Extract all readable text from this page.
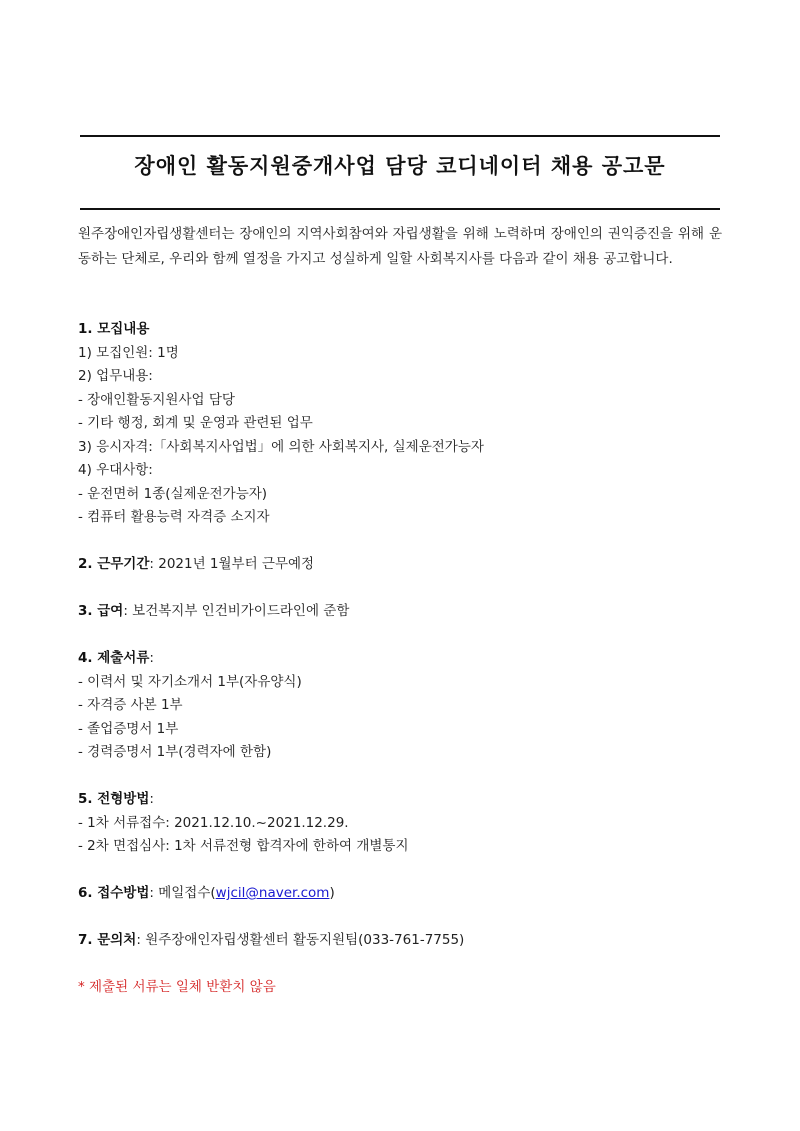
장애인 활동지원중개사업 담당 코디네이터 채용 공고문
원주장애인자립생활센터는 장애인의 지역사회참여와 자립생활을 위해 노력하며 장애인의 권익증진을 위해 운동하는 단체로, 우리와 함께 열정을 가지고 성실하게 일할 사회복지사를 다음과 같이 채용 공고합니다.
1. 모집내용
1) 모집인원: 1명
2) 업무내용:
- 장애인활동지원사업 담당
- 기타 행정, 회계 및 운영과 관련된 업무
3) 응시자격:「사회복지사업법」에 의한 사회복지사, 실제운전가능자
4) 우대사항:
- 운전면허 1종(실제운전가능자)
- 컴퓨터 활용능력 자격증 소지자
2. 근무기간: 2021년 1월부터 근무예정
3. 급여: 보건복지부 인건비가이드라인에 준함
4. 제출서류:
- 이력서 및 자기소개서 1부(자유양식)
- 자격증 사본 1부
- 졸업증명서 1부
- 경력증명서 1부(경력자에 한함)
5. 전형방법:
- 1차 서류접수: 2021.12.10.~2021.12.29.
- 2차 면접심사: 1차 서류전형 합격자에 한하여 개별통지
6. 접수방법: 메일접수(wjcil@naver.com)
7. 문의처: 원주장애인자립생활센터 활동지원팀(033-761-7755)
* 제출된 서류는 일체 반환치 않음
